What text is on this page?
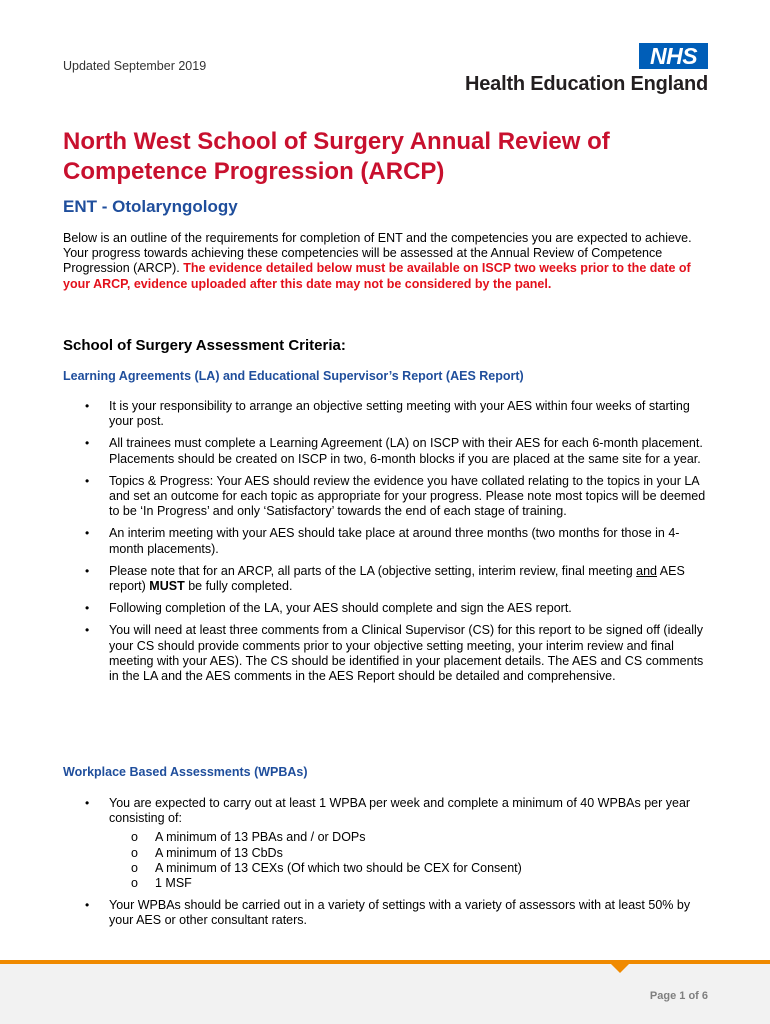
Updated September 2019	NHS
Health Education England
North West School of Surgery Annual Review of Competence Progression (ARCP)
ENT - Otolaryngology

Below is an outline of the requirements for completion of ENT and the competencies you are expected to achieve. Your progress towards achieving these competencies will be assessed at the Annual Review of Competence Progression (ARCP). The evidence detailed below must be available on ISCP two weeks prior to the date of your ARCP, evidence uploaded after this date may not be considered by the panel.

School of Surgery Assessment Criteria:
Learning Agreements (LA) and Educational Supervisor’s Report (AES Report)
• It is your responsibility to arrange an objective setting meeting with your AES within four weeks of starting your post.
• All trainees must complete a Learning Agreement (LA) on ISCP with their AES for each 6-month placement. Placements should be created on ISCP in two, 6-month blocks if you are placed at the same site for a year.
• Topics & Progress: Your AES should review the evidence you have collated relating to the topics in your LA and set an outcome for each topic as appropriate for your progress. Please note most topics will be deemed to be ‘In Progress’ and only ‘Satisfactory’ towards the end of each stage of training.
• An interim meeting with your AES should take place at around three months (two months for those in 4-month placements).
• Please note that for an ARCP, all parts of the LA (objective setting, interim review, final meeting and AES report) MUST be fully completed.
• Following completion of the LA, your AES should complete and sign the AES report.
• You will need at least three comments from a Clinical Supervisor (CS) for this report to be signed off (ideally your CS should provide comments prior to your objective setting meeting, your interim review and final meeting with your AES). The CS should be identified in your placement details. The AES and CS comments in the LA and the AES comments in the AES Report should be detailed and comprehensive.
Workplace Based Assessments (WPBAs)
• You are expected to carry out at least 1 WPBA per week and complete a minimum of 40 WPBAs per year consisting of:
o A minimum of 13 PBAs and / or DOPs
o A minimum of 13 CbDs
o A minimum of 13 CEXs (Of which two should be CEX for Consent)
o 1 MSF
• Your WPBAs should be carried out in a variety of settings with a variety of assessors with at least 50% by your AES or other consultant raters.
Page 1 of 6
